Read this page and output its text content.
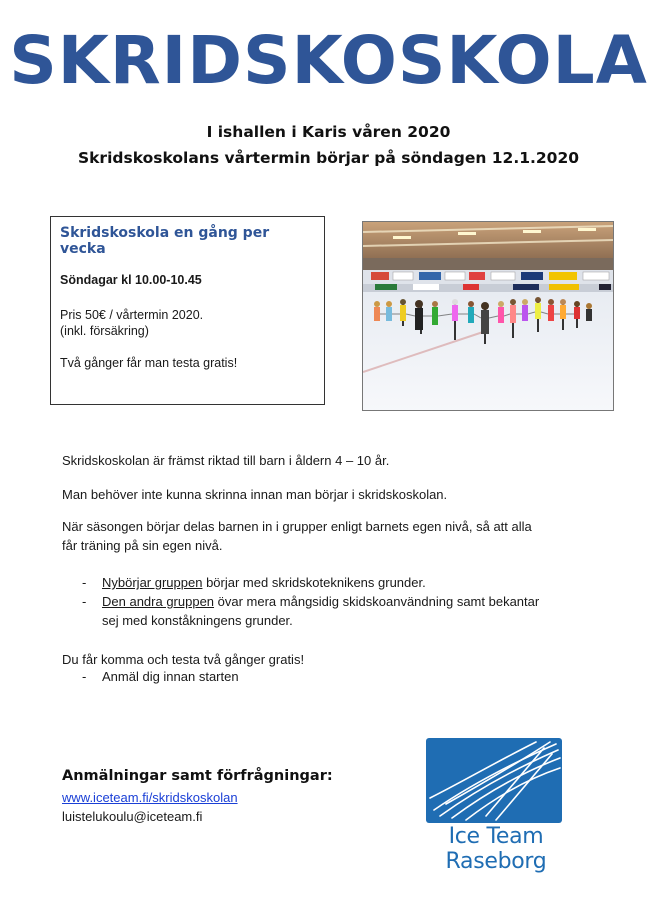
SKRIDSKOSKOLA
I ishallen i Karis våren 2020
Skridskoskolans vårtermin börjar på söndagen 12.1.2020
Skridskoskola en gång per vecka

Söndagar kl 10.00-10.45

Pris 50€ / vårtermin 2020.

(inkl. försäkring)

Två gånger får man testa gratis!

Skridskoskolan är främst riktad till barn i åldern 4 – 10 år.
Man behöver inte kunna skrinna innan man börjar i skridskoskolan.
När säsongen börjar delas barnen in i grupper enligt barnets egen nivå, så att alla
får träning på sin egen nivå.
- Nybörjar gruppen börjar med skridskoteknikens grunder.
- Den andra gruppen övar mera mångsidig skidskoanvändning samt bekantar
sej med konståkningens grunder.
Du får komma och testa två gånger gratis!
- Anmäl dig innan starten
Anmälningar samt förfrågningar:
www.iceteam.fi/skridskoskolan
luistelukoulu@iceteam.fi
Ice Team Raseborg
